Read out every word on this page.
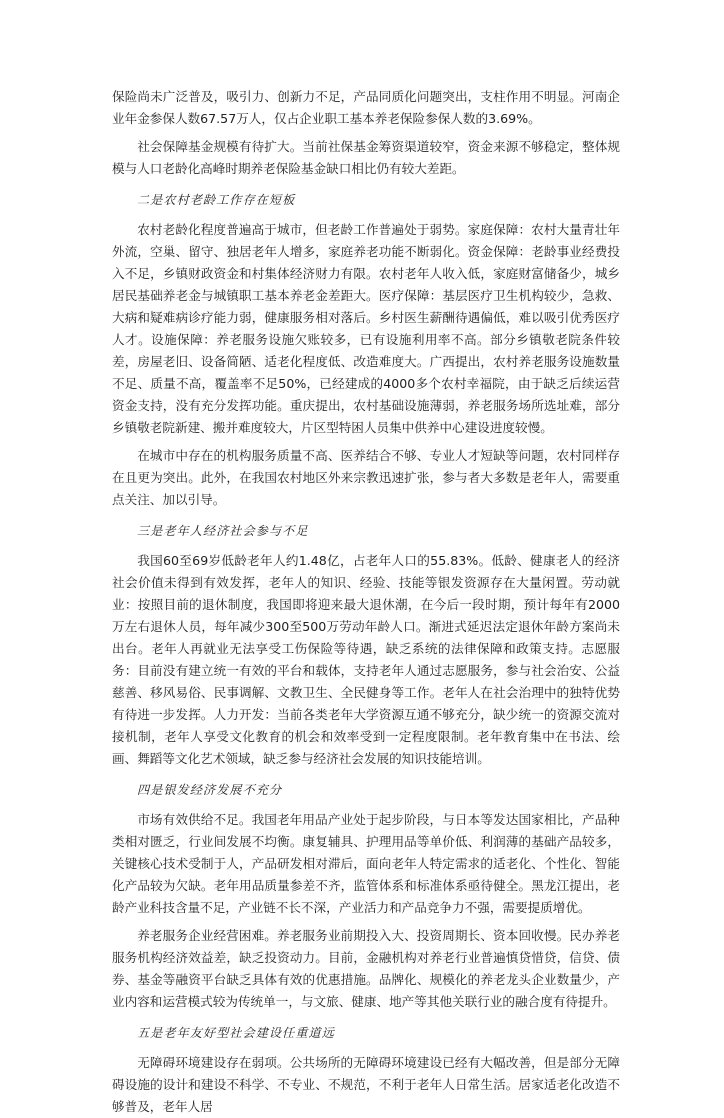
保险尚未广泛普及，吸引力、创新力不足，产品同质化问题突出，支柱作用不明显。河南企业年金参保人数67.57万人，仅占企业职工基本养老保险参保人数的3.69%。

社会保障基金规模有待扩大。当前社保基金筹资渠道较窄，资金来源不够稳定，整体规模与人口老龄化高峰时期养老保险基金缺口相比仍有较大差距。

二是农村老龄工作存在短板

农村老龄化程度普遍高于城市，但老龄工作普遍处于弱势。家庭保障：农村大量青壮年外流，空巢、留守、独居老年人增多，家庭养老功能不断弱化。资金保障：老龄事业经费投入不足，乡镇财政资金和村集体经济财力有限。农村老年人收入低，家庭财富储备少，城乡居民基础养老金与城镇职工基本养老金差距大。医疗保障：基层医疗卫生机构较少，急救、大病和疑难病诊疗能力弱，健康服务相对落后。乡村医生薪酬待遇偏低，难以吸引优秀医疗人才。设施保障：养老服务设施欠账较多，已有设施利用率不高。部分乡镇敬老院条件较差，房屋老旧、设备简陋、适老化程度低、改造难度大。广西提出，农村养老服务设施数量不足、质量不高，覆盖率不足50%，已经建成的4000多个农村幸福院，由于缺乏后续运营资金支持，没有充分发挥功能。重庆提出，农村基础设施薄弱，养老服务场所选址难，部分乡镇敬老院新建、搬并难度较大，片区型特困人员集中供养中心建设进度较慢。

在城市中存在的机构服务质量不高、医养结合不够、专业人才短缺等问题，农村同样存在且更为突出。此外，在我国农村地区外来宗教迅速扩张，参与者大多数是老年人，需要重点关注、加以引导。

三是老年人经济社会参与不足

我国60至69岁低龄老年人约1.48亿，占老年人口的55.83%。低龄、健康老人的经济社会价值未得到有效发挥，老年人的知识、经验、技能等银发资源存在大量闲置。劳动就业：按照目前的退休制度，我国即将迎来最大退休潮，在今后一段时期，预计每年有2000万左右退休人员，每年减少300至500万劳动年龄人口。渐进式延迟法定退休年龄方案尚未出台。老年人再就业无法享受工伤保险等待遇，缺乏系统的法律保障和政策支持。志愿服务：目前没有建立统一有效的平台和载体，支持老年人通过志愿服务，参与社会治安、公益慈善、移风易俗、民事调解、文教卫生、全民健身等工作。老年人在社会治理中的独特优势有待进一步发挥。人力开发：当前各类老年大学资源互通不够充分，缺少统一的资源交流对接机制，老年人享受文化教育的机会和效率受到一定程度限制。老年教育集中在书法、绘画、舞蹈等文化艺术领域，缺乏参与经济社会发展的知识技能培训。

四是银发经济发展不充分

市场有效供给不足。我国老年用品产业处于起步阶段，与日本等发达国家相比，产品种类相对匮乏，行业间发展不均衡。康复辅具、护理用品等单价低、利润薄的基础产品较多，关键核心技术受制于人，产品研发相对滞后，面向老年人特定需求的适老化、个性化、智能化产品较为欠缺。老年用品质量参差不齐，监管体系和标准体系亟待健全。黑龙江提出，老龄产业科技含量不足，产业链不长不深，产业活力和产品竞争力不强，需要提质增优。

养老服务企业经营困难。养老服务业前期投入大、投资周期长、资本回收慢。民办养老服务机构经济效益差，缺乏投资动力。目前，金融机构对养老行业普遍慎贷惜贷，信贷、债券、基金等融资平台缺乏具体有效的优惠措施。品牌化、规模化的养老龙头企业数量少，产业内容和运营模式较为传统单一，与文旅、健康、地产等其他关联行业的融合度有待提升。

五是老年友好型社会建设任重道远

无障碍环境建设存在弱项。公共场所的无障碍环境建设已经有大幅改善，但是部分无障碍设施的设计和建设不科学、不专业、不规范，不利于老年人日常生活。居家适老化改造不够普及，老年人居
